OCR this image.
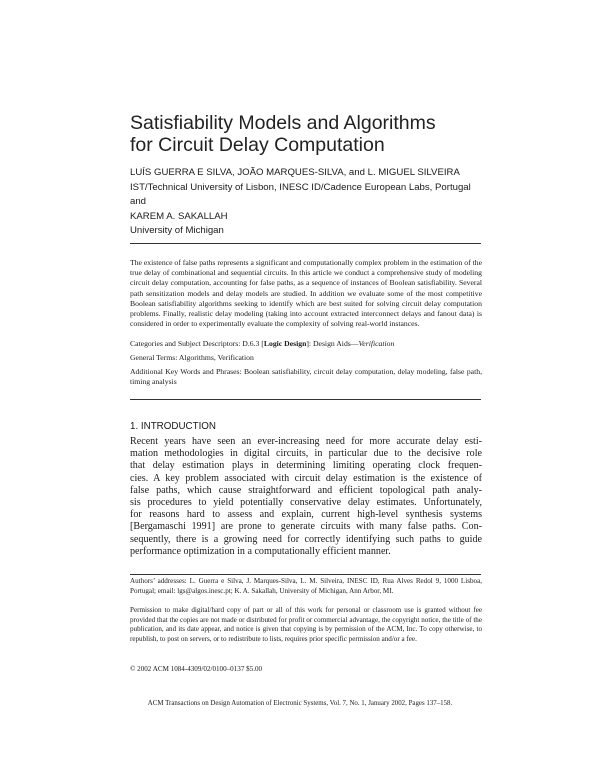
Satisfiability Models and Algorithms
for Circuit Delay Computation
LUÍS GUERRA E SILVA, JOÃO MARQUES-SILVA, and L. MIGUEL SILVEIRA
IST/Technical University of Lisbon, INESC ID/Cadence European Labs, Portugal
and
KAREM A. SAKALLAH
University of Michigan
The existence of false paths represents a significant and computationally complex problem in the estimation of the true delay of combinational and sequential circuits. In this article we conduct a comprehensive study of modeling circuit delay computation, accounting for false paths, as a sequence of instances of Boolean satisfiability. Several path sensitization models and delay models are studied. In addition we evaluate some of the most competitive Boolean satisfiability algorithms seeking to identify which are best suited for solving circuit delay computation problems. Finally, realistic delay modeling (taking into account extracted interconnect delays and fanout data) is considered in order to experimentally evaluate the complexity of solving real-world instances.
Categories and Subject Descriptors: D.6.3 [Logic Design]: Design Aids—Verification
General Terms: Algorithms, Verification
Additional Key Words and Phrases: Boolean satisfiability, circuit delay computation, delay modeling, false path, timing analysis
1. INTRODUCTION
Recent years have seen an ever-increasing need for more accurate delay esti-
mation methodologies in digital circuits, in particular due to the decisive role
that delay estimation plays in determining limiting operating clock frequen-
cies. A key problem associated with circuit delay estimation is the existence of
false paths, which cause straightforward and efficient topological path analy-
sis procedures to yield potentially conservative delay estimates. Unfortunately,
for reasons hard to assess and explain, current high-level synthesis systems
[Bergamaschi 1991] are prone to generate circuits with many false paths. Con-
sequently, there is a growing need for correctly identifying such paths to guide
performance optimization in a computationally efficient manner.
Authors’ addresses: L. Guerra e Silva, J. Marques-Silva, L. M. Silveira, INESC ID, Rua Alves Redol 9, 1000 Lisboa, Portugal; email: lgs@algos.inesc.pt; K. A. Sakallah, University of Michigan, Ann Arbor, MI.
Permission to make digital/hard copy of part or all of this work for personal or classroom use is granted without fee provided that the copies are not made or distributed for profit or commercial advantage, the copyright notice, the title of the publication, and its date appear, and notice is given that copying is by permission of the ACM, Inc. To copy otherwise, to republish, to post on servers, or to redistribute to lists, requires prior specific permission and/or a fee.
© 2002 ACM 1084-4309/02/0100–0137 $5.00
ACM Transactions on Design Automation of Electronic Systems, Vol. 7, No. 1, January 2002, Pages 137–158.
